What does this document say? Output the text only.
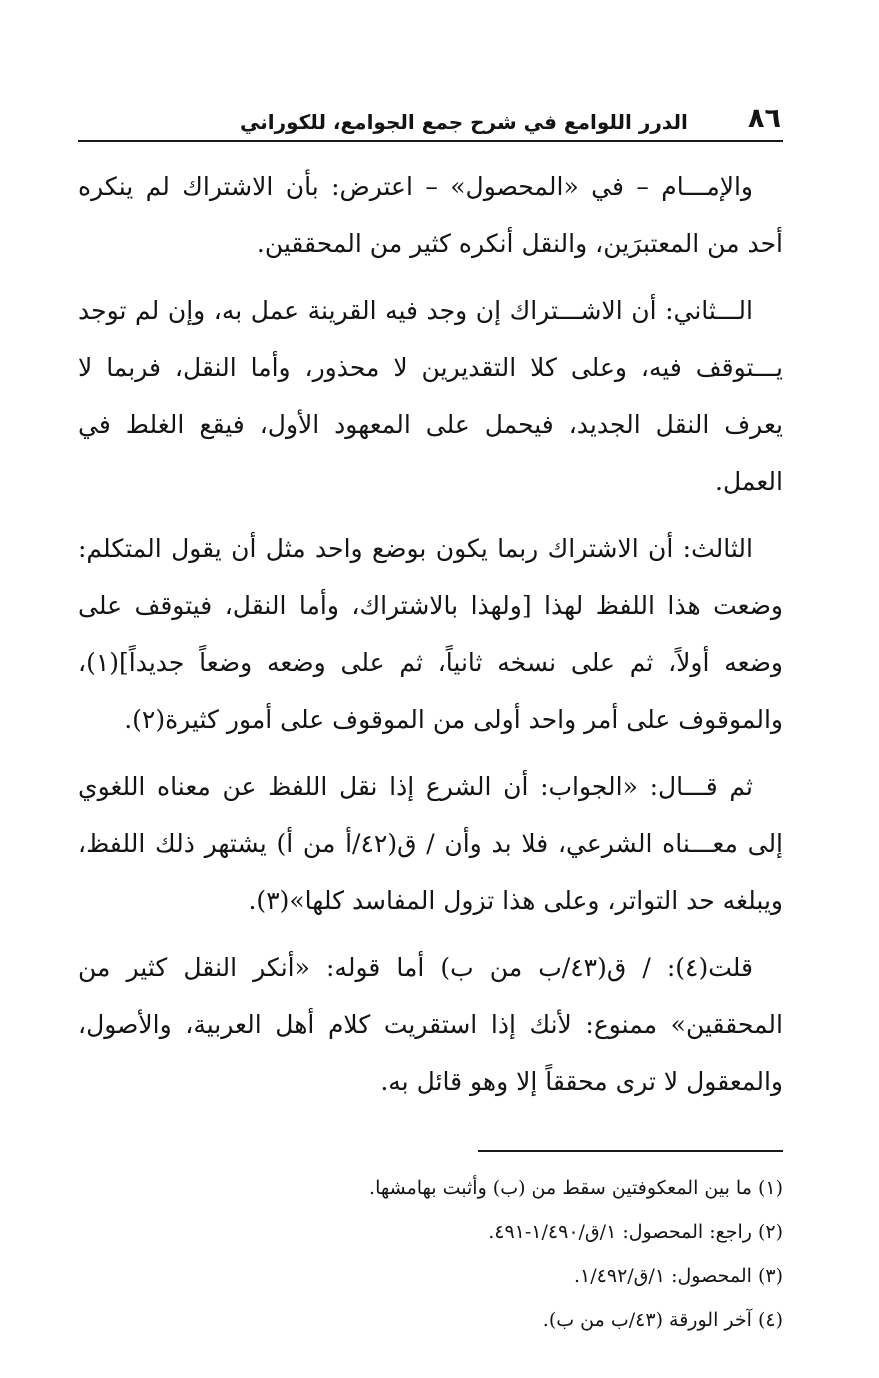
٨٦
الدرر اللوامع في شرح جمع الجوامع، للكوراني

والإمـــام – في «المحصول» – اعترض: بأن الاشتراك لم ينكره أحد من المعتبرَين، والنقل أنكره كثير من المحققين.

الـــثاني: أن الاشـــتراك إن وجد فيه القرينة عمل به، وإن لم توجد يـــتوقف فيه، وعلى كلا التقديرين لا محذور، وأما النقل، فربما لا يعرف النقل الجديد، فيحمل على المعهود الأول، فيقع الغلط في العمل.

الثالث: أن الاشتراك ربما يكون بوضع واحد مثل أن يقول المتكلم: وضعت هذا اللفظ لهذا [ولهذا بالاشتراك، وأما النقل، فيتوقف على وضعه أولاً، ثم على نسخه ثانياً، ثم على وضعه وضعاً جديداً](١)، والموقوف على أمر واحد أولى من الموقوف على أمور كثيرة(٢).

ثم قـــال: «الجواب: أن الشرع إذا نقل اللفظ عن معناه اللغوي إلى معـــناه الشرعي، فلا بد وأن / ق(٤٢/أ من أ) يشتهر ذلك اللفظ، ويبلغه حد التواتر، وعلى هذا تزول المفاسد كلها»(٣).

قلت(٤): / ق(٤٣/ب من ب) أما قوله: «أنكر النقل كثير من المحققين» ممنوع: لأنك إذا استقريت كلام أهل العربية، والأصول، والمعقول لا ترى محققاً إلا وهو قائل به.

(١) ما بين المعكوفتين سقط من (ب) وأثبت بهامشها.

(٢) راجع: المحصول: ١/ق/١/٤٩٠-٤٩١.

(٣) المحصول: ١/ق/١/٤٩٢.

(٤) آخر الورقة (٤٣/ب من ب).
